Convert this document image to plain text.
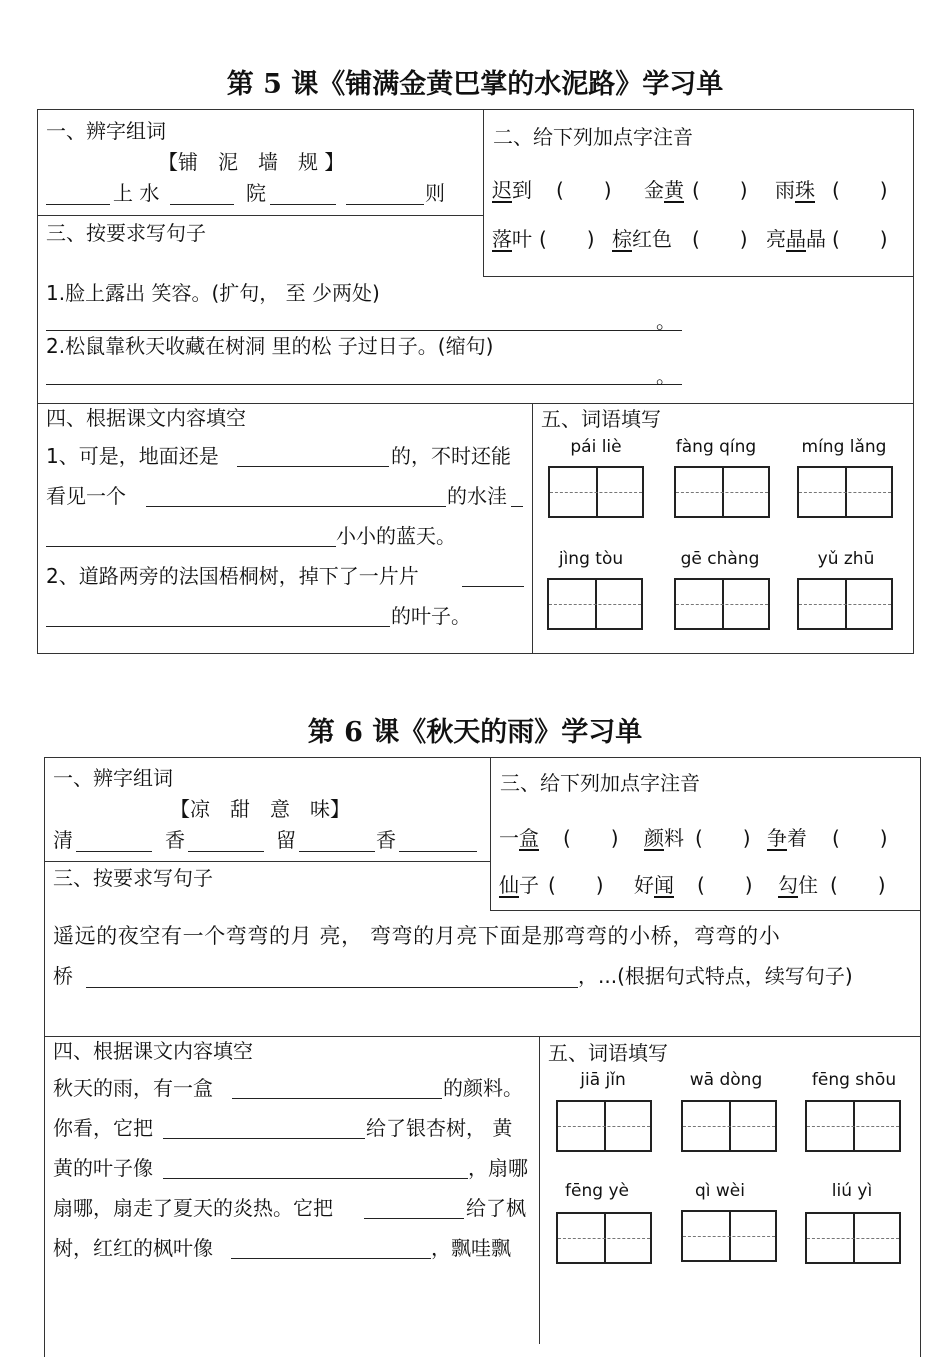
第 5 课《铺满金黄巴掌的水泥路》学习单
一、辨字组词
【铺　泥　墙　规 】
上 水	院	则
二、给下列加点字注音
迟到 (　　) 金黄 (　　) 雨珠 (　　)
落叶 (　　) 棕红色 (　　) 亮晶晶 (　　)
三、按要求写句子
1.脸上露出 笑容。(扩句， 至 少两处)
。
2.松鼠靠秋天收藏在树洞 里的松 子过日子。(缩句)
。
四、根据课文内容填空
1、可是，地面还是	的，不时还能
看见一个	的水洼
小小的蓝天。
2、道路两旁的法国梧桐树，掉下了一片片
的叶子。
五、词语填写
pái liè	fàng qíng	míng lǎng
jìng tòu	gē chàng	yǔ zhū
第 6 课《秋天的雨》学习单
一、辨字组词
【凉　甜　意　味】
清	香	留	香
三、给下列加点字注音
一盒 (　　) 颜料 (　　) 争着 (　　)
仙子 (　　) 好闻 (　　) 勾住 (　　)
三、按要求写句子
遥远的夜空有一个弯弯的月 亮， 弯弯的月亮下面是那弯弯的小桥，弯弯的小
桥	，...(根据句式特点，续写句子)
四、根据课文内容填空
秋天的雨，有一盒	的颜料。
你看，它把	给了银杏树， 黄
黄的叶子像	，扇哪
扇哪，扇走了夏天的炎热。它把	给了枫
树，红红的枫叶像	，飘哇飘
五、词语填写
jiā jǐn	wā dòng	fēng shōu
fēng yè	qì wèi	liú yì
